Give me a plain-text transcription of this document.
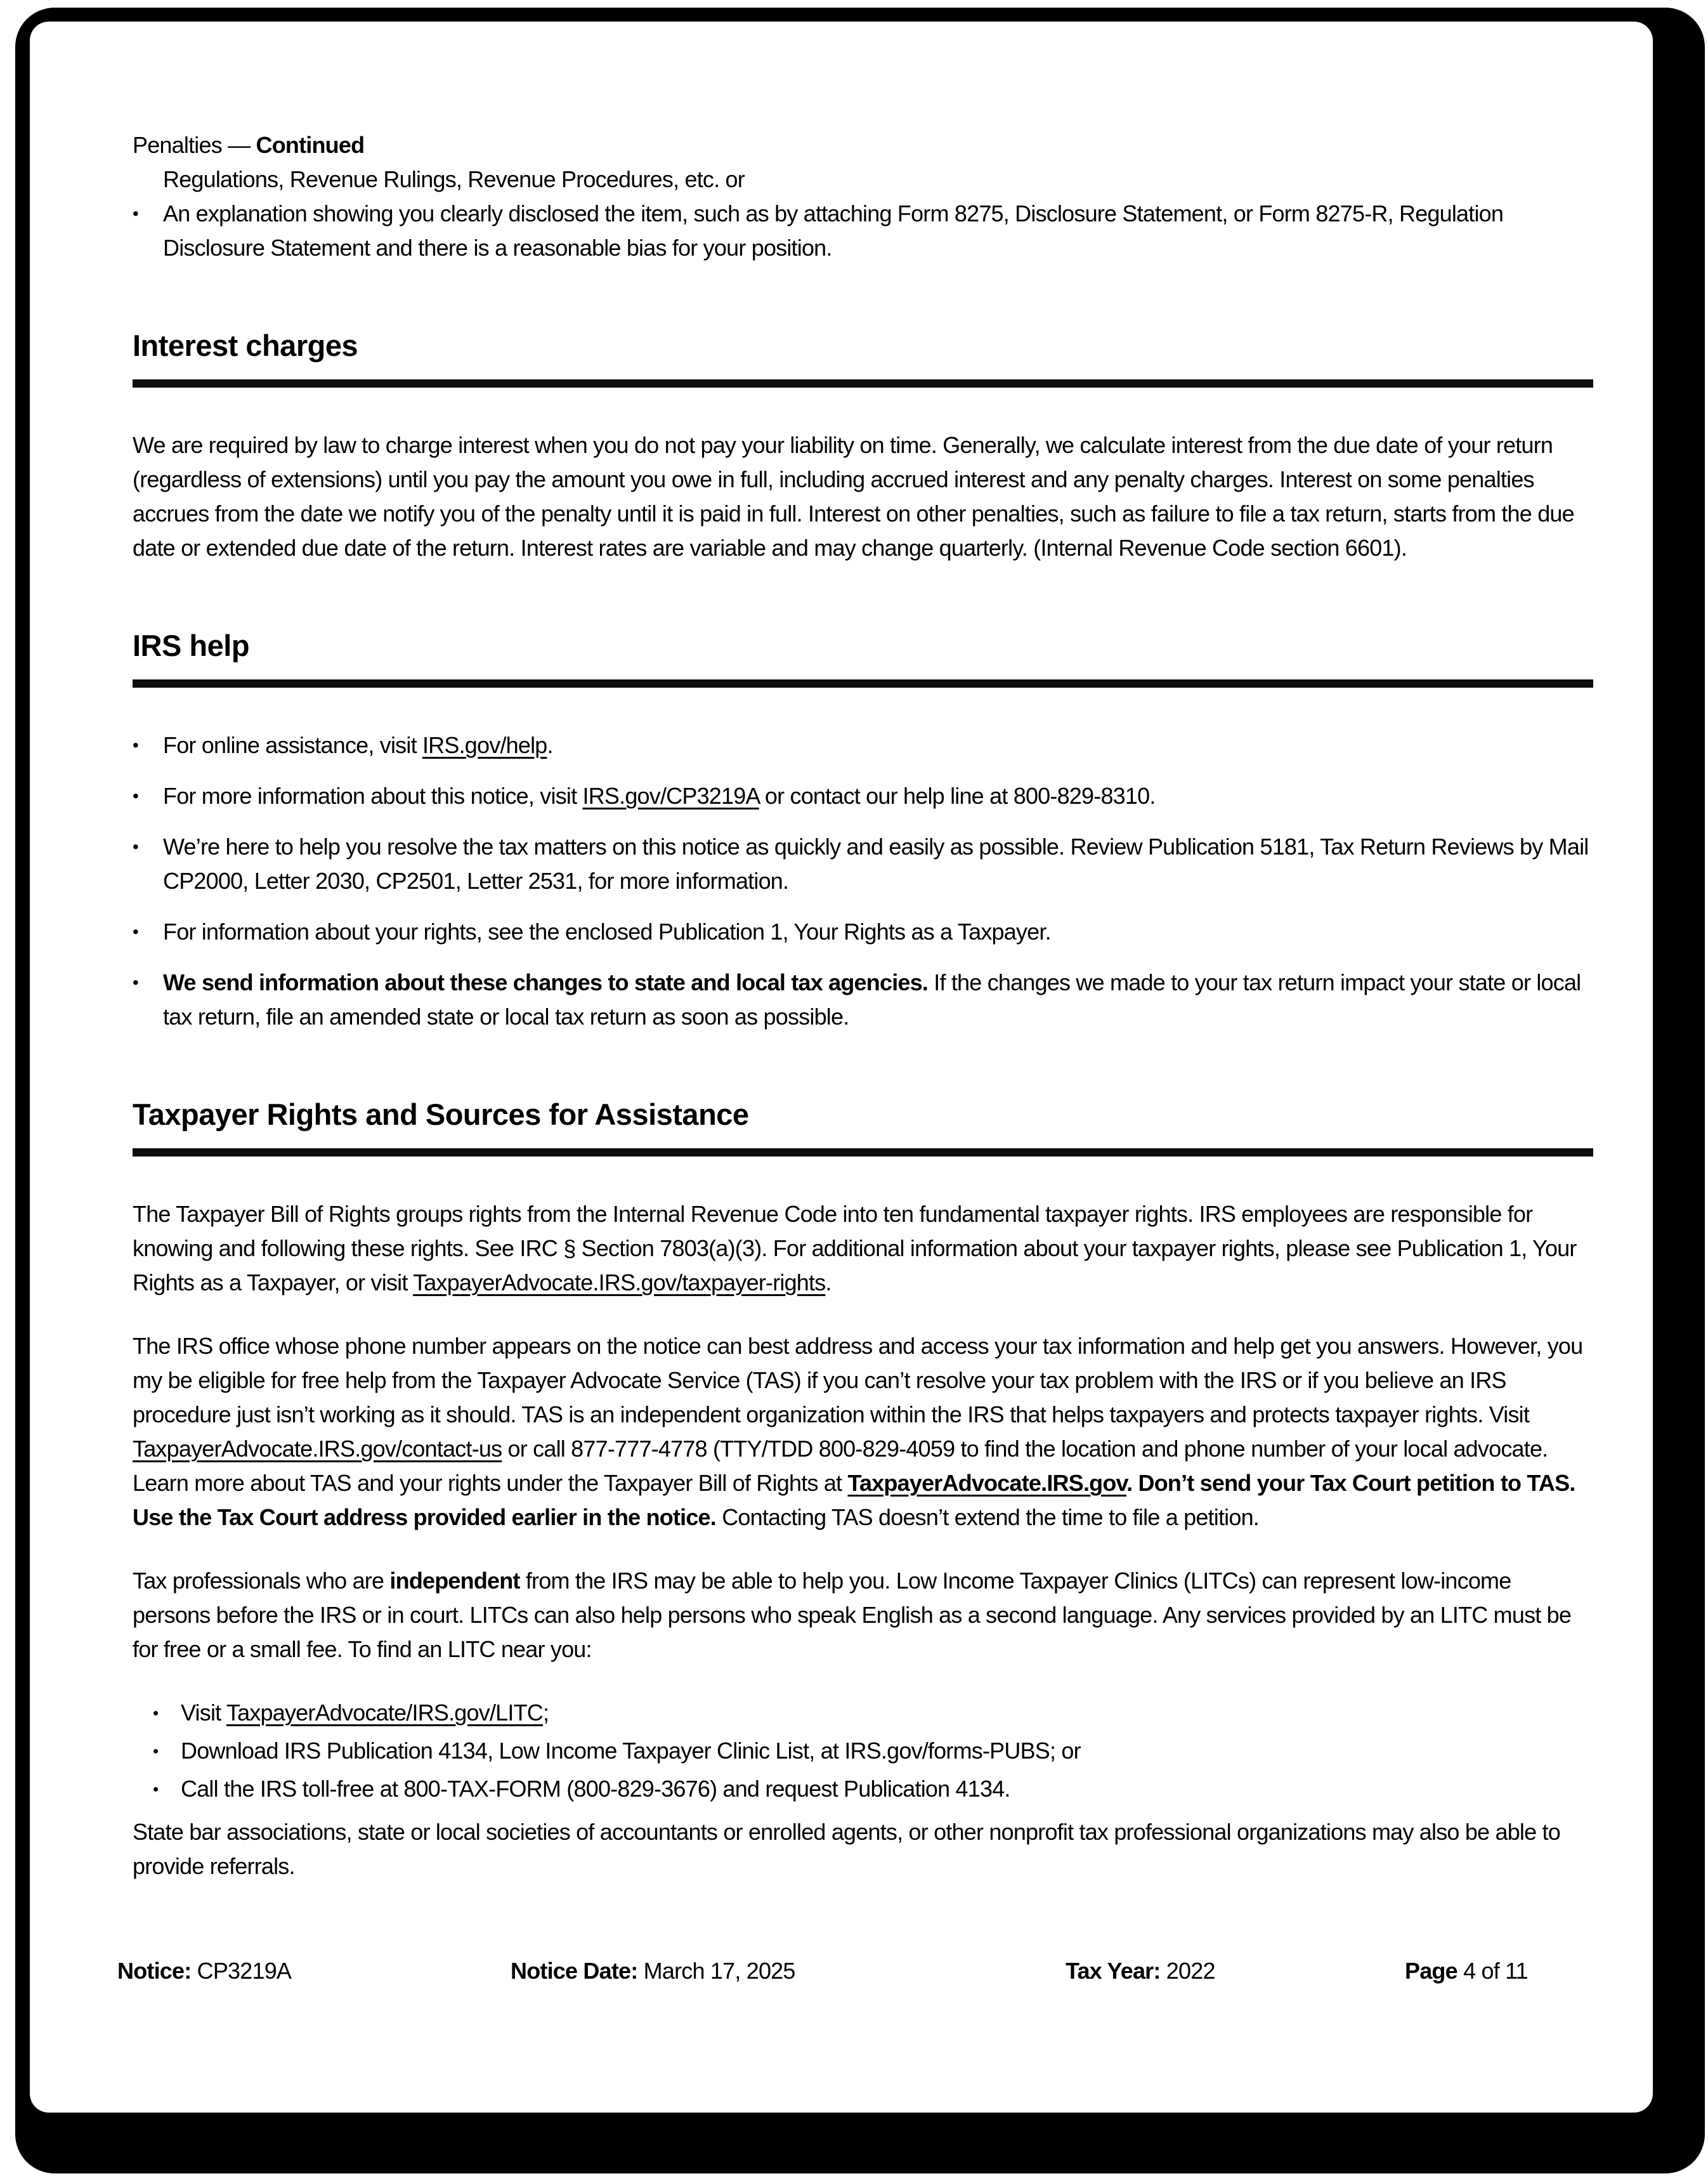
Penalties — Continued
Regulations, Revenue Rulings, Revenue Procedures, etc. or
•	An explanation showing you clearly disclosed the item, such as by attaching Form 8275, Disclosure Statement, or Form 8275-R, Regulation Disclosure Statement and there is a reasonable bias for your position.
Interest charges

We are required by law to charge interest when you do not pay your liability on time. Generally, we calculate interest from the due date of your return (regardless of extensions) until you pay the amount you owe in full, including accrued interest and any penalty charges. Interest on some penalties accrues from the date we notify you of the penalty until it is paid in full. Interest on other penalties, such as failure to file a tax return, starts from the due date or extended due date of the return. Interest rates are variable and may change quarterly. (Internal Revenue Code section 6601).

IRS help
•	For online assistance, visit IRS.gov/help.
•	For more information about this notice, visit IRS.gov/CP3219A or contact our help line at 800-829-8310.
•	We’re here to help you resolve the tax matters on this notice as quickly and easily as possible. Review Publication 5181, Tax Return Reviews by Mail CP2000, Letter 2030, CP2501, Letter 2531, for more information.
•	For information about your rights, see the enclosed Publication 1, Your Rights as a Taxpayer.
•	We send information about these changes to state and local tax agencies. If the changes we made to your tax return impact your state or local tax return, file an amended state or local tax return as soon as possible.
Taxpayer Rights and Sources for Assistance

The Taxpayer Bill of Rights groups rights from the Internal Revenue Code into ten fundamental taxpayer rights. IRS employees are responsible for knowing and following these rights. See IRC § Section 7803(a)(3). For additional information about your taxpayer rights, please see Publication 1, Your Rights as a Taxpayer, or visit TaxpayerAdvocate.IRS.gov/taxpayer-rights.

The IRS office whose phone number appears on the notice can best address and access your tax information and help get you answers. However, you my be eligible for free help from the Taxpayer Advocate Service (TAS) if you can’t resolve your tax problem with the IRS or if you believe an IRS procedure just isn’t working as it should. TAS is an independent organization within the IRS that helps taxpayers and protects taxpayer rights. Visit TaxpayerAdvocate.IRS.gov/contact-us or call 877-777-4778 (TTY/TDD 800-829-4059 to find the location and phone number of your local advocate. Learn more about TAS and your rights under the Taxpayer Bill of Rights at TaxpayerAdvocate.IRS.gov. Don’t send your Tax Court petition to TAS. Use the Tax Court address provided earlier in the notice. Contacting TAS doesn’t extend the time to file a petition.

Tax professionals who are independent from the IRS may be able to help you. Low Income Taxpayer Clinics (LITCs) can represent low-income persons before the IRS or in court. LITCs can also help persons who speak English as a second language. Any services provided by an LITC must be for free or a small fee. To find an LITC near you:

• Visit TaxpayerAdvocate/IRS.gov/LITC;
• Download IRS Publication 4134, Low Income Taxpayer Clinic List, at IRS.gov/forms-PUBS; or
• Call the IRS toll-free at 800-TAX-FORM (800-829-3676) and request Publication 4134.

State bar associations, state or local societies of accountants or enrolled agents, or other nonprofit tax professional organizations may also be able to provide referrals.

Notice: CP3219A	Notice Date: March 17, 2025	Tax Year: 2022	Page 4 of 11
